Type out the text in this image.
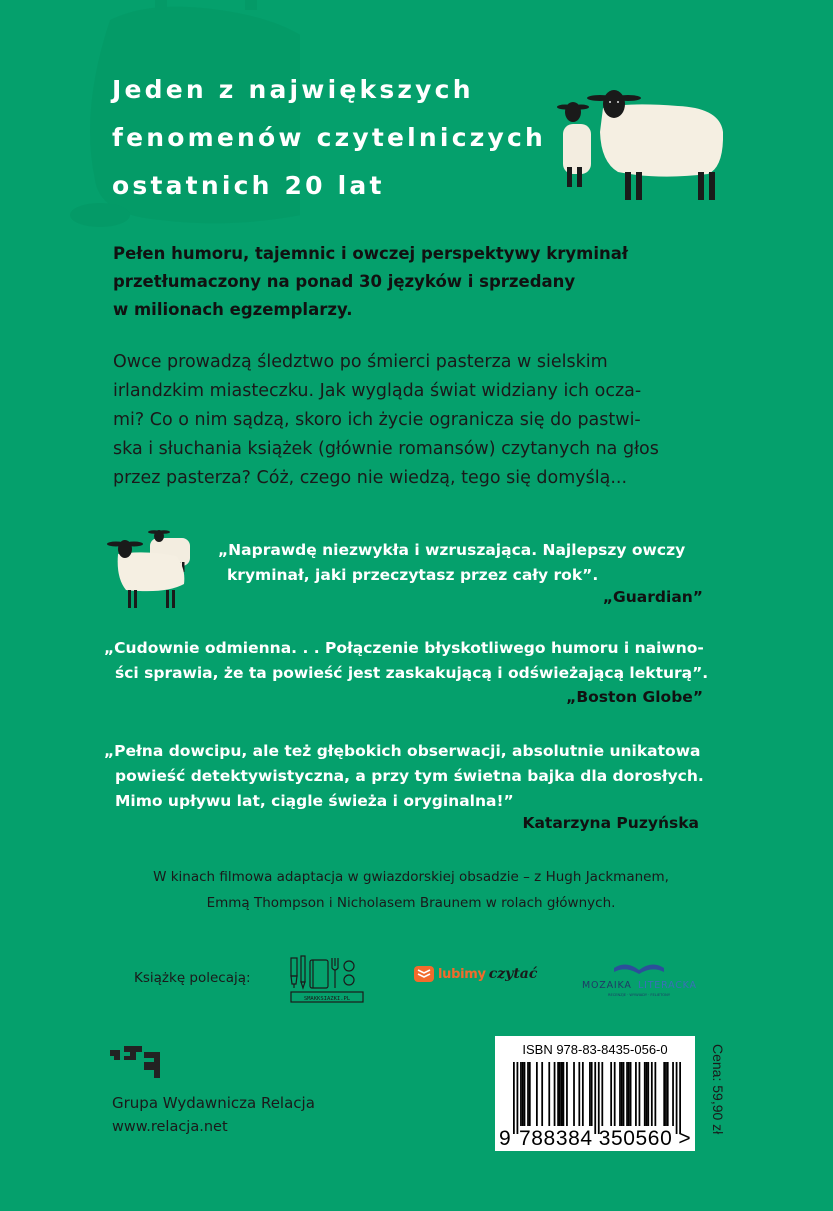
Jeden z największych
fenomenów czytelniczych
ostatnich 20 lat
Pełen humoru, tajemnic i owczej perspektywy kryminał
przetłumaczony na ponad 30 języków i sprzedany
w milionach egzemplarzy.
Owce prowadzą śledztwo po śmierci pasterza w sielskim
irlandzkim miasteczku. Jak wygląda świat widziany ich ocza-
mi? Co o nim sądzą, skoro ich życie ogranicza się do pastwi-
ska i słuchania książek (głównie romansów) czytanych na głos
przez pasterza? Cóż, czego nie wiedzą, tego się domyślą...
„Naprawdę niezwykła i wzruszająca. Najlepszy owczy
kryminał, jaki przeczytasz przez cały rok”.
„Guardian”
„Cudownie odmienna. . . Połączenie błyskotliwego humoru i naiwno-
ści sprawia, że ta powieść jest zaskakującą i odświeżającą lekturą”.
„Boston Globe”
„Pełna dowcipu, ale też głębokich obserwacji, absolutnie unikatowa
powieść detektywistyczna, a przy tym świetna bajka dla dorosłych.
Mimo upływu lat, ciągle świeża i oryginalna!”
Katarzyna Puzyńska
W kinach filmowa adaptacja w gwiazdorskiej obsadzie – z Hugh Jackmanem,
Emmą Thompson i Nicholasem Braunem w rolach głównych.
Książkę polecają:
SMAKKSIAZKI.PL
lubimy czytać
MOZAIKA LITERACKA
RECENZJE · WYWIADY · FELIETONY
Grupa Wydawnicza Relacja
www.relacja.net
ISBN 978-83-8435-056-0
9 788384 350560 >
Cena: 59,90 zł
